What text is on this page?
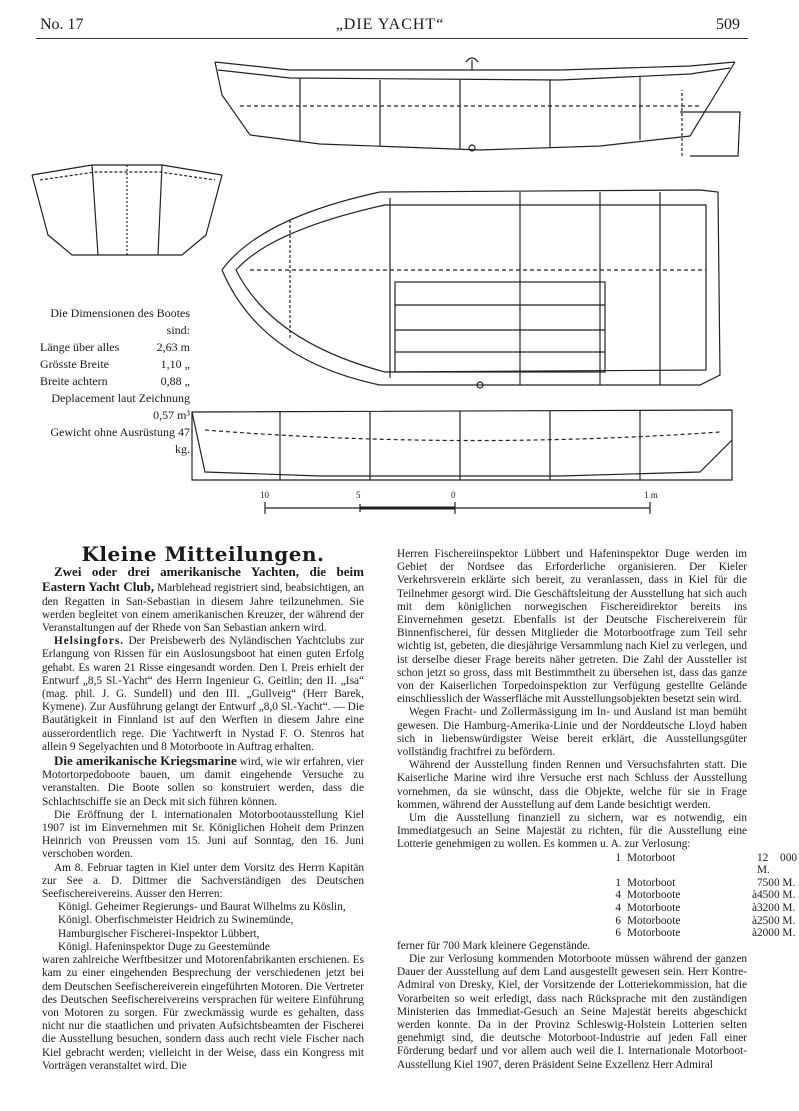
No. 17	„DIE YACHT“	509
10	5	0	1 m
Die Dimensionen des Bootes sind:
Länge über alles	2,63 m
Grösste Breite	1,10 „
Breite achtern	0,88 „
Deplacement laut Zeichnung 0,57 m³
Gewicht ohne Ausrüstung 47 kg.
Kleine Mitteilungen.

Zwei oder drei amerikanische Yachten, die beim Eastern Yacht Club, Marblehead registriert sind, beabsichtigen, an den Regatten in San-Sebastian in diesem Jahre teilzunehmen. Sie werden begleitet von einem amerikanischen Kreuzer, der während der Veranstaltungen auf der Rhede von San Sebastian ankern wird.

Helsingfors. Der Preisbewerb des Nyländischen Yachtclubs zur Erlangung von Rissen für ein Auslosungsboot hat einen guten Erfolg gehabt. Es waren 21 Risse eingesandt worden. Den I. Preis erhielt der Entwurf „8,5 Sl.-Yacht“ des Herrn Ingenieur G. Geitlin; den II. „Isa“ (mag. phil. J. G. Sundell) und den III. „Gullveig“ (Herr Barek, Kymene). Zur Ausführung gelangt der Entwurf „8,0 Sl.-Yacht“. — Die Bautätigkeit in Finnland ist auf den Werften in diesem Jahre eine ausserordentlich rege. Die Yachtwerft in Nystad F. O. Stenros hat allein 9 Segelyachten und 8 Motorboote in Auftrag erhalten.

Die amerikanische Kriegsmarine wird, wie wir erfahren, vier Motortorpedoboote bauen, um damit eingehende Versuche zu veranstalten. Die Boote sollen so konstruiert werden, dass die Schlachtschiffe sie an Deck mit sich führen können.

Die Eröffnung der I. internationalen Motorbootausstellung Kiel 1907 ist im Einvernehmen mit Sr. Königlichen Hoheit dem Prinzen Heinrich von Preussen vom 15. Juni auf Sonntag, den 16. Juni verschoben worden.

Am 8. Februar tagten in Kiel unter dem Vorsitz des Herrn Kapitän zur See a. D. Dittmer die Sachverständigen des Deutschen Seefischereivereins. Ausser den Herren:

Königl. Geheimer Regierungs- und Baurat Wilhelms zu Köslin,
Königl. Oberfischmeister Heidrich zu Swinemünde,
Hamburgischer Fischerei-Inspektor Lübbert,
Königl. Hafeninspektor Duge zu Geestemünde

waren zahlreiche Werftbesitzer und Motorenfabrikanten erschienen. Es kam zu einer eingehenden Besprechung der verschiedenen jetzt bei dem Deutschen Seefischereiverein eingeführten Motoren. Die Vertreter des Deutschen Seefischereivereins versprachen für weitere Einführung von Motoren zu sorgen. Für zweckmässig wurde es gehalten, dass nicht nur die staatlichen und privaten Aufsichtsbeamten der Fischerei die Ausstellung besuchen, sondern dass auch recht viele Fischer nach Kiel gebracht werden; vielleicht in der Weise, dass ein Kongress mit Vorträgen veranstaltet wird. Die

Herren Fischereiinspektor Lübbert und Hafeninspektor Duge werden im Gebiet der Nordsee das Erforderliche organisieren. Der Kieler Verkehrsverein erklärte sich bereit, zu veranlassen, dass in Kiel für die Teilnehmer gesorgt wird. Die Geschäftsleitung der Ausstellung hat sich auch mit dem königlichen norwegischen Fischereidirektor bereits ins Einvernehmen gesetzt. Ebenfalls ist der Deutsche Fischereiverein für Binnenfischerei, für dessen Mitglieder die Motorbootfrage zum Teil sehr wichtig ist, gebeten, die diesjährige Versammlung nach Kiel zu verlegen, und ist derselbe dieser Frage bereits näher getreten. Die Zahl der Aussteller ist schon jetzt so gross, dass mit Bestimmtheit zu übersehen ist, dass das ganze von der Kaiserlichen Torpedoinspektion zur Verfügung gestellte Gelände einschliesslich der Wasserfläche mit Ausstellungsobjekten besetzt sein wird.

Wegen Fracht- und Zollermässigung im In- und Ausland ist man bemüht gewesen. Die Hamburg-Amerika-Linie und der Norddeutsche Lloyd haben sich in liebenswürdigster Weise bereit erklärt, die Ausstellungsgüter vollständig frachtfrei zu befördern.

Während der Ausstellung finden Rennen und Versuchsfahrten statt. Die Kaiserliche Marine wird ihre Versuche erst nach Schluss der Ausstellung vornehmen, da sie wünscht, dass die Objekte, welche für sie in Frage kommen, während der Ausstellung auf dem Lande besichtigt werden.

Um die Ausstellung finanziell zu sichern, war es notwendig, ein Immediatgesuch an Seine Majestät zu richten, für die Ausstellung eine Lotterie genehmigen zu wollen. Es kommen u. A. zur Verlosung:

1 Motorboot	12 000 M.
1 Motorboot	7500 M.
4 Motorboote	à 4500 M.
4 Motorboote	à 3200 M.
6 Motorboote	à 2500 M.
6 Motorboote	à 2000 M.

ferner für 700 Mark kleinere Gegenstände.

Die zur Verlosung kommenden Motorboote müssen während der ganzen Dauer der Ausstellung auf dem Land ausgestellt gewesen sein. Herr Kontre-Admiral von Dresky, Kiel, der Vorsitzende der Lotteriekommission, hat die Vorarbeiten so weit erledigt, dass nach Rücksprache mit den zuständigen Ministerien das Immediat-Gesuch an Seine Majestät bereits abgeschickt werden konnte. Da in der Provinz Schleswig-Holstein Lotterien selten genehmigt sind, die deutsche Motorboot-Industrie auf jeden Fall einer Förderung bedarf und vor allem auch weil die I. Internationale Motorboot-Ausstellung Kiel 1907, deren Präsident Seine Exzellenz Herr Admiral
